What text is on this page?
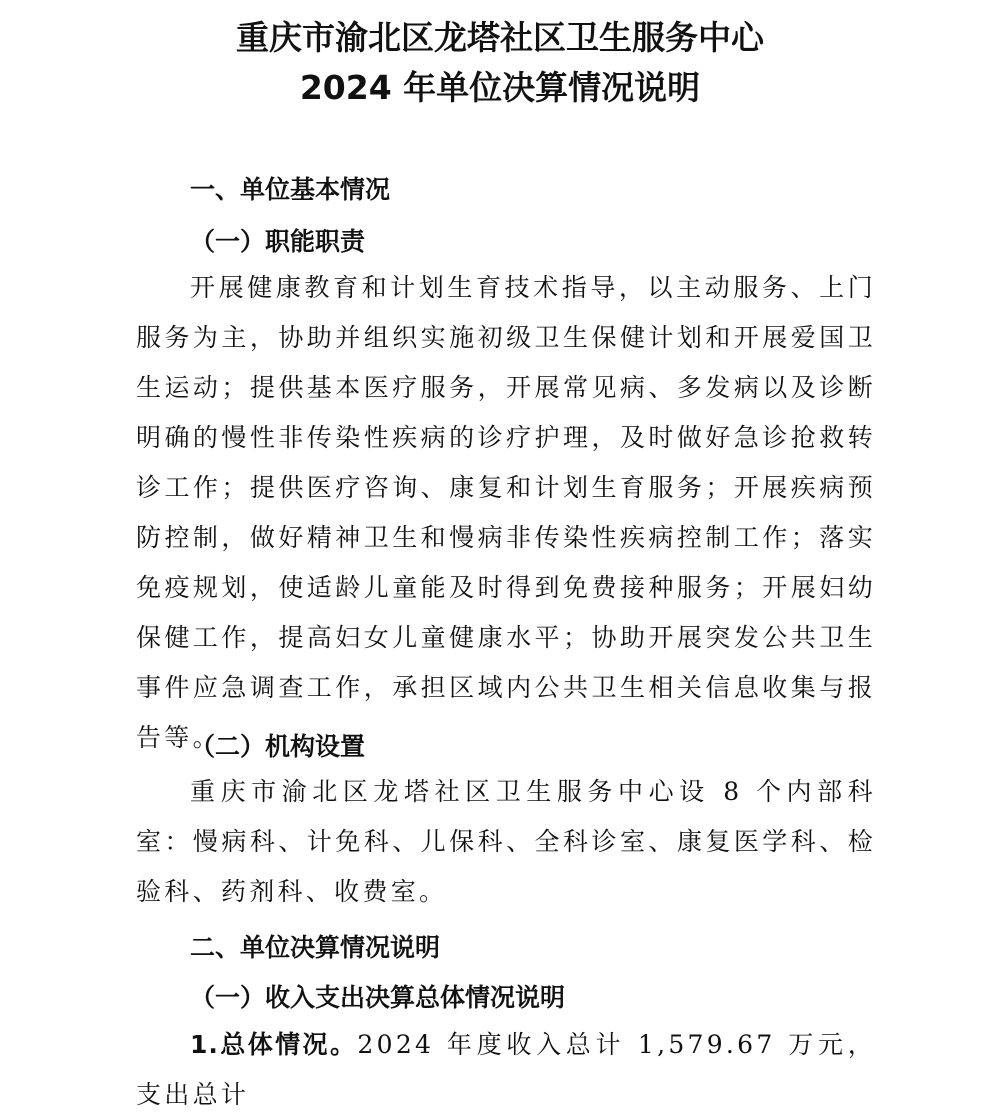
重庆市渝北区龙塔社区卫生服务中心
2024 年单位决算情况说明
一、单位基本情况
（一）职能职责

开展健康教育和计划生育技术指导，以主动服务、上门服务为主，协助并组织实施初级卫生保健计划和开展爱国卫生运动；提供基本医疗服务，开展常见病、多发病以及诊断明确的慢性非传染性疾病的诊疗护理，及时做好急诊抢救转诊工作；提供医疗咨询、康复和计划生育服务；开展疾病预防控制，做好精神卫生和慢病非传染性疾病控制工作；落实免疫规划，使适龄儿童能及时得到免费接种服务；开展妇幼保健工作，提高妇女儿童健康水平；协助开展突发公共卫生事件应急调查工作，承担区域内公共卫生相关信息收集与报告等。

（二）机构设置

重庆市渝北区龙塔社区卫生服务中心设 8 个内部科室：慢病科、计免科、儿保科、全科诊室、康复医学科、检验科、药剂科、收费室。

二、单位决算情况说明
（一）收入支出决算总体情况说明

1.总体情况。2024 年度收入总计 1,579.67 万元，支出总计
